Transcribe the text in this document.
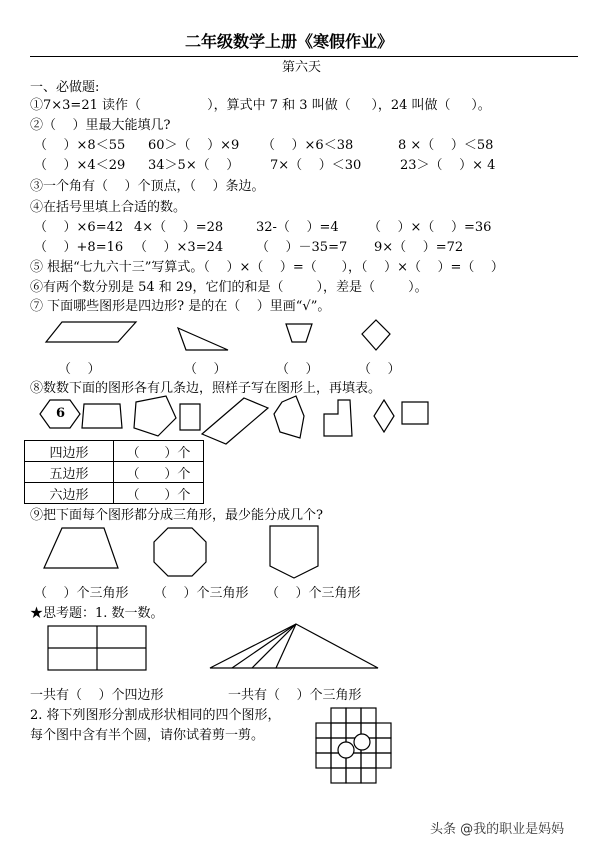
二年级数学上册《寒假作业》
第六天
一、必做题:
①7×3=21 读作（                ），算式中 7 和 3 叫做（     ），24 叫做（     ）。
②（    ）里最大能填几?
（    ）×8＜55 60＞（    ）×9 （    ）×6＜38	8 ×（    ）＜58
（    ）×4＜29 34＞5×（    ） 7×（    ）＜30	23＞（    ）× 4
③一个角有（    ）个顶点，（    ）条边。
④在括号里填上合适的数。
（    ）×6=42 4×（    ）=28	32-（    ）=4 （    ）×（    ）=36
（    ）+8=16 （    ）×3=24	（    ）－35=7 9×（    ）=72
⑤ 根据“七九六十三”写算式。（    ）×（    ）=（      ），（    ）×（    ）=（    ）
⑥有两个数分别是 54 和 29，它们的和是（        ），差是（        ）。
⑦ 下面哪些图形是四边形? 是的在（    ）里画“√”。
（    ）	（    ）	（    ）	（    ）
⑧数数下面的图形各有几条边，照样子写在图形上，再填表。
6
四边形	（      ）个
五边形	（      ）个
六边形	（      ）个
⑨把下面每个图形都分成三角形，最少能分成几个?
（    ）个三角形 （    ）个三角形 （    ）个三角形
★思考题：1. 数一数。
一共有（    ）个四边形	一共有（    ）个三角形
2. 将下列图形分割成形状相同的四个图形，
每个图中含有半个圆，请你试着剪一剪。
头条 @我的职业是妈妈
